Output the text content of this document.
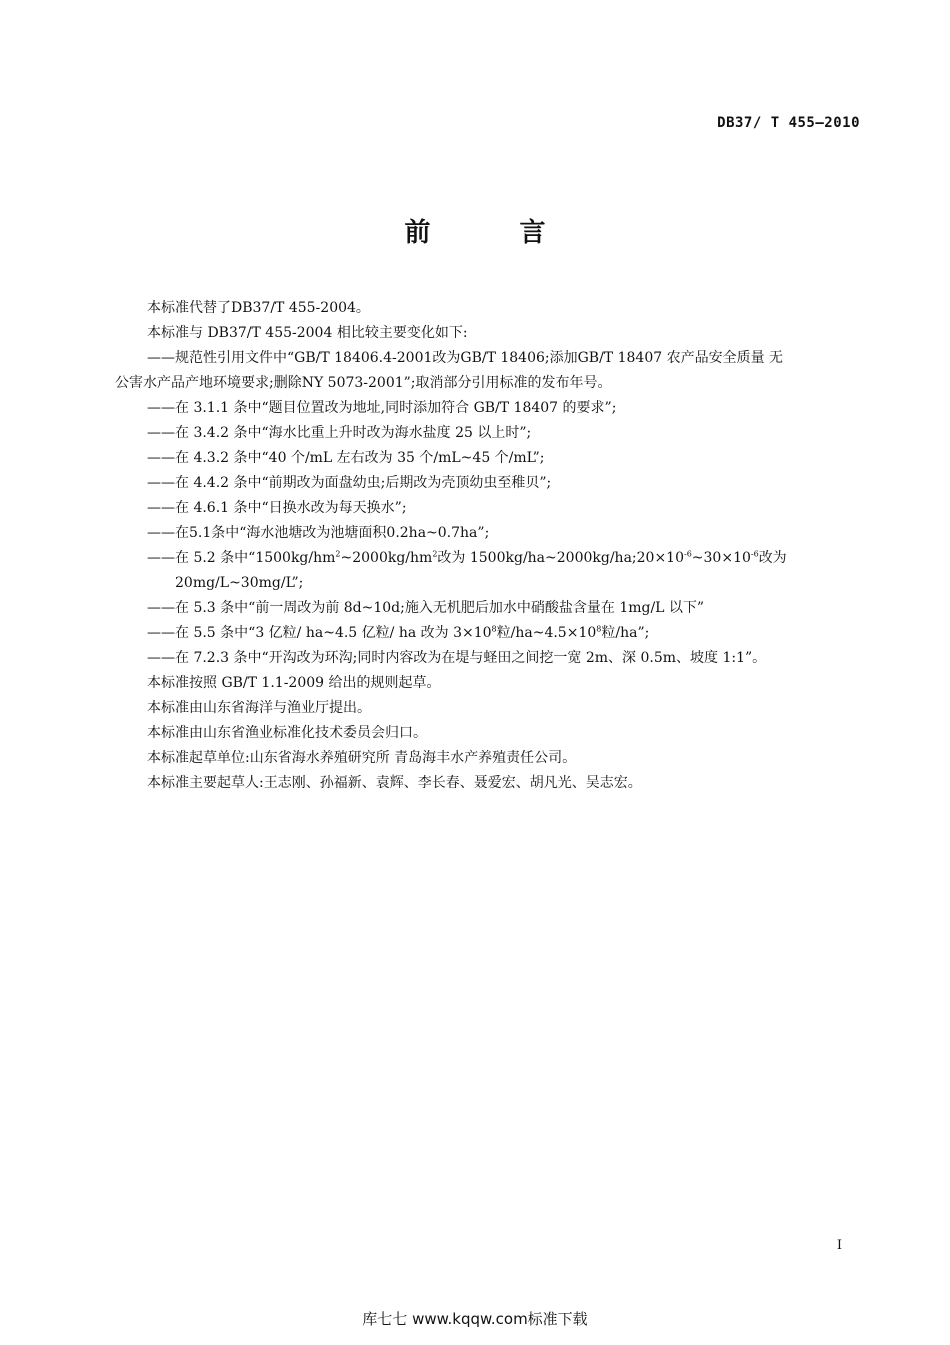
DB37/ T 455—2010
前 言
本标准代替了DB37/T 455-2004。
本标准与 DB37/T 455-2004 相比较主要变化如下:
——规范性引用文件中“GB/T 18406.4-2001改为GB/T 18406;添加GB/T 18407 农产品安全质量 无
公害水产品产地环境要求;删除NY 5073-2001”;取消部分引用标准的发布年号。
——在 3.1.1 条中“题目位置改为地址,同时添加符合 GB/T 18407 的要求”;
——在 3.4.2 条中“海水比重上升时改为海水盐度 25 以上时”;
——在 4.3.2 条中“40 个/mL 左右改为 35 个/mL~45 个/mL”;
——在 4.4.2 条中“前期改为面盘幼虫;后期改为壳顶幼虫至稚贝”;
——在 4.6.1 条中“日换水改为每天换水”;
——在5.1条中“海水池塘改为池塘面积0.2ha~0.7ha”;
——在 5.2 条中“$1500kg/hm^2\sim 2000kg/hm^2$改为 $1500kg/ha\sim 2000kg/ha;20\times 10^{-6}\sim 30\times 10^{-6}$改为
20mg/L~30mg/L”;
——在 5.3 条中“前一周改为前 8d~10d;施入无机肥后加水中硝酸盐含量在 1mg/L 以下”
——在 5.5 条中“3 亿粒/ ha~4.5 亿粒/ ha 改为 $3\times 10^8$粒$/ha\sim 4.5\times 10^8$粒/ha”;
——在 7.2.3 条中“开沟改为环沟;同时内容改为在堤与蛏田之间挖一宽 2m、深 0.5m、坡度 1:1”。
本标准按照 GB/T 1.1-2009 给出的规则起草。
本标准由山东省海洋与渔业厅提出。
本标准由山东省渔业标准化技术委员会归口。
本标准起草单位:山东省海水养殖研究所 青岛海丰水产养殖责任公司。
本标准主要起草人:王志刚、孙福新、袁辉、李长春、聂爱宏、胡凡光、吴志宏。
I
库七七 www.kqqw.com标准下载
